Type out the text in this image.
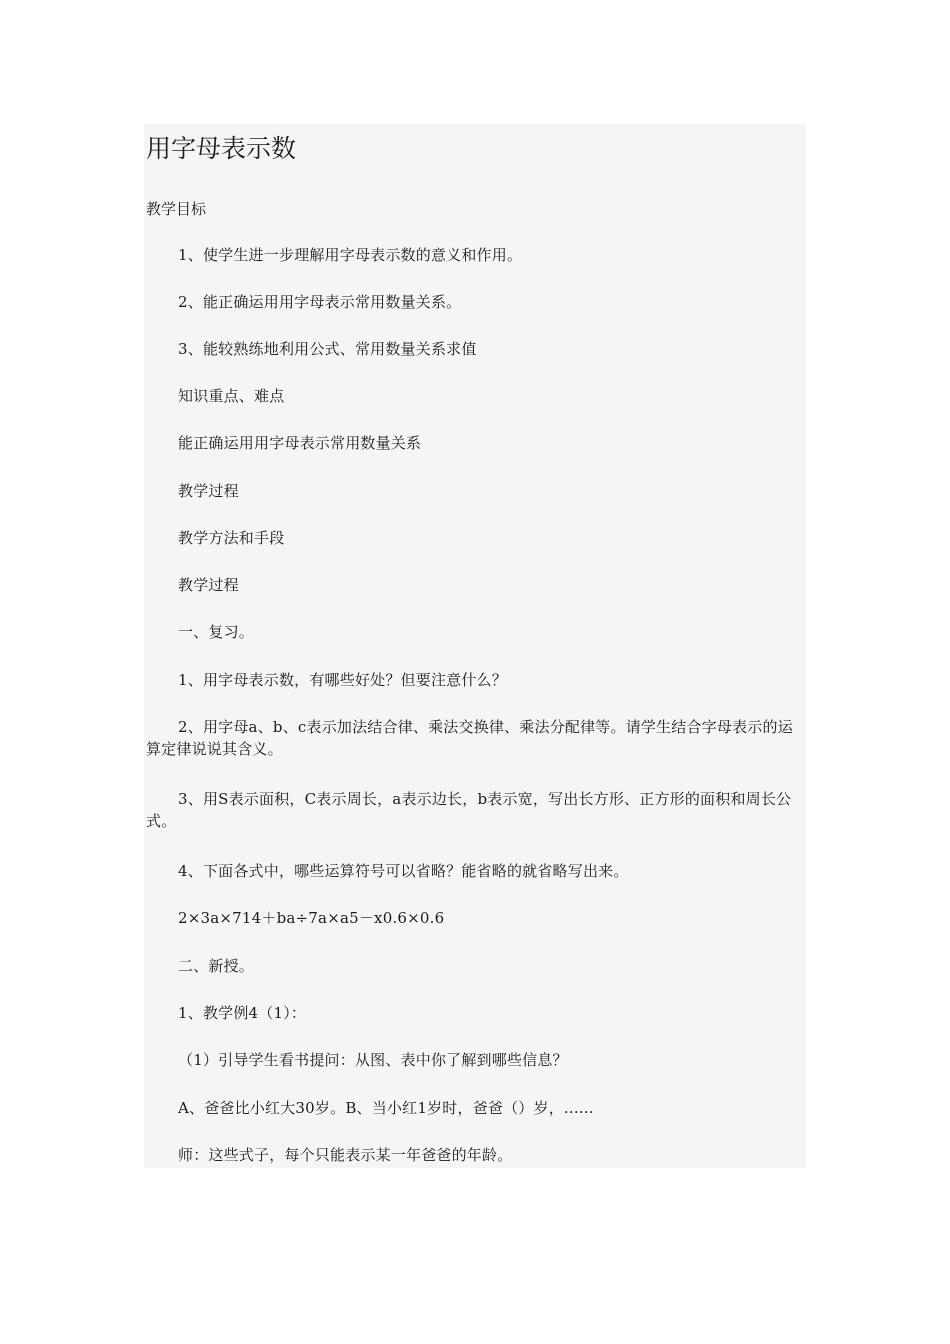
用字母表示数
教学目标

1、使学生进一步理解用字母表示数的意义和作用。

2、能正确运用用字母表示常用数量关系。

3、能较熟练地利用公式、常用数量关系求值

知识重点、难点

能正确运用用字母表示常用数量关系

教学过程

教学方法和手段

教学过程

一、复习。

1、用字母表示数，有哪些好处？但要注意什么？

2、用字母a、b、c表示加法结合律、乘法交换律、乘法分配律等。请学生结合字母表示的运算定律说说其含义。

3、用S表示面积，C表示周长，a表示边长，b表示宽，写出长方形、正方形的面积和周长公式。

4、下面各式中，哪些运算符号可以省略？能省略的就省略写出来。

2×3a×714＋ba÷7a×a5－x0.6×0.6

二、新授。

1、教学例4（1）：

（1）引导学生看书提问：从图、表中你了解到哪些信息？

A、爸爸比小红大30岁。B、当小红1岁时，爸爸（）岁，......

师：这些式子，每个只能表示某一年爸爸的年龄。
